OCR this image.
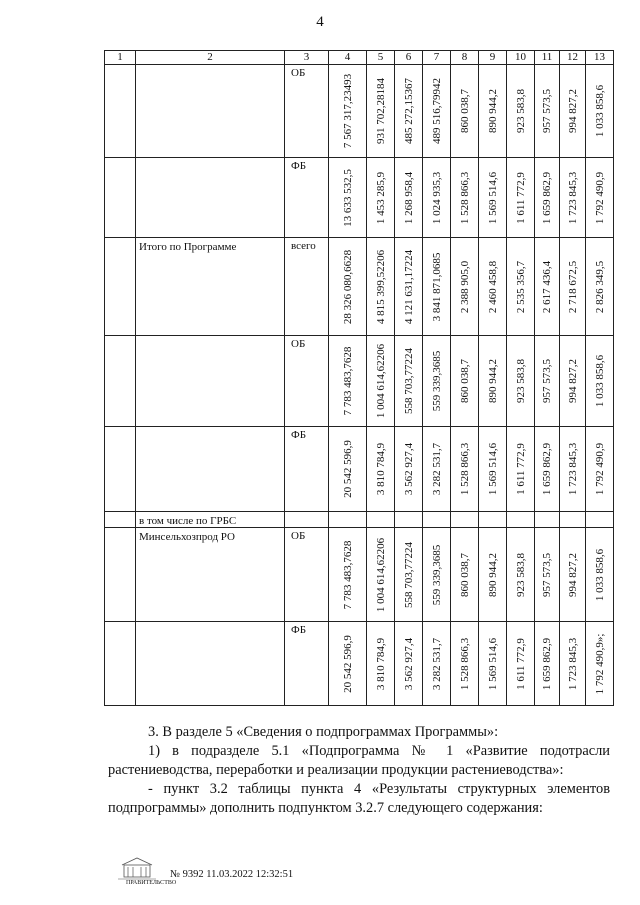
4
1	2	3	4	5	6	7	8	9	10	11	12	13
		ОБ	7 567 317,23493	931 702,28184	485 272,15367	489 516,79942	860 038,7	890 944,2	923 583,8	957 573,5	994 827,2	1 033 858,6

		ФБ	13 633 532,5	1 453 285,9	1 268 958,4	1 024 935,3	1 528 866,3	1 569 514,6	1 611 772,9	1 659 862,9	1 723 845,3	1 792 490,9

	Итого по Программе	всего	28 326 080,6628	4 815 399,52206	4 121 631,17224	3 841 871,0685	2 388 905,0	2 460 458,8	2 535 356,7	2 617 436,4	2 718 672,5	2 826 349,5

		ОБ	7 783 483,7628	1 004 614,62206	558 703,77224	559 339,3685	860 038,7	890 944,2	923 583,8	957 573,5	994 827,2	1 033 858,6

		ФБ	20 542 596,9	3 810 784,9	3 562 927,4	3 282 531,7	1 528 866,3	1 569 514,6	1 611 772,9	1 659 862,9	1 723 845,3	1 792 490,9

	в том числе по ГРБС		

	Минсельхозпрод РО	ОБ	7 783 483,7628	1 004 614,62206	558 703,77224	559 339,3685	860 038,7	890 944,2	923 583,8	957 573,5	994 827,2	1 033 858,6

		ФБ	20 542 596,9	3 810 784,9	3 562 927,4	3 282 531,7	1 528 866,3	1 569 514,6	1 611 772,9	1 659 862,9	1 723 845,3	1 792 490,9»;
3. В разделе 5 «Сведения о подпрограммах Программы»:
1) в подразделе 5.1 «Подпрограмма № 1 «Развитие подотрасли
растениеводства, переработки и реализации продукции растениеводства»:
- пункт 3.2 таблицы пункта 4 «Результаты структурных элементов
подпрограммы» дополнить подпунктом 3.2.7 следующего содержания:
ПРАВИТЕЛЬСТВО
№ 9392 11.03.2022 12:32:51
